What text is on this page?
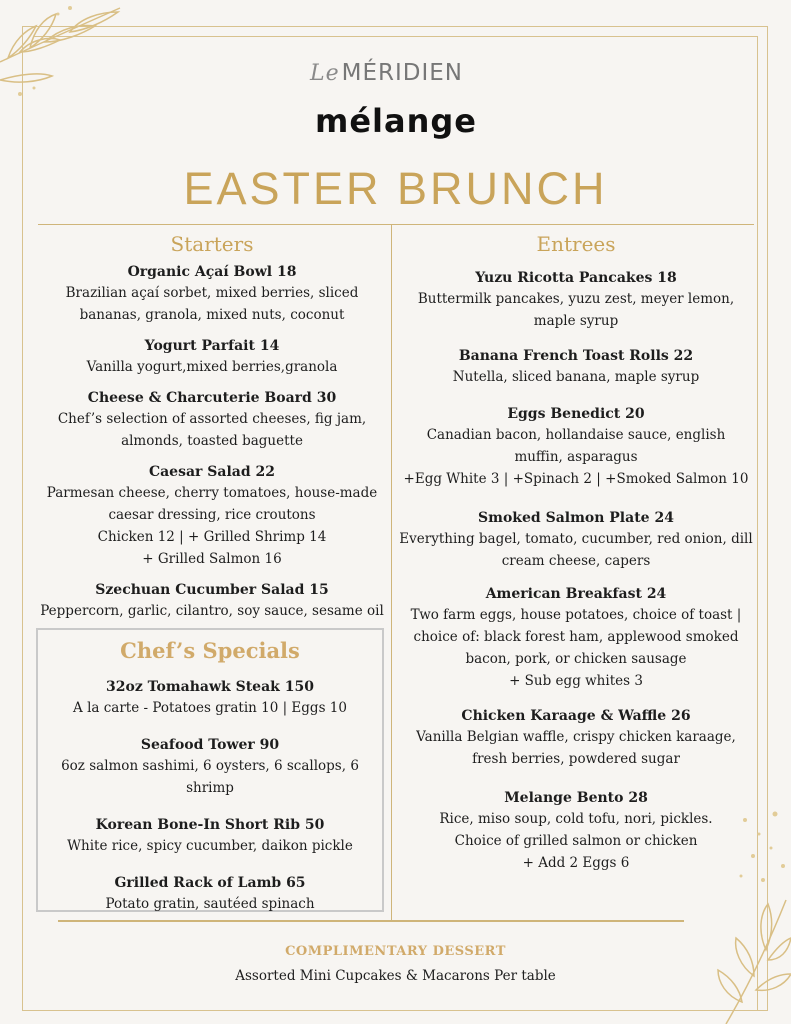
LeMÉRIDIEN
mélange
EASTER BRUNCH
Starters
Organic Açaí Bowl 18
Brazilian açaí sorbet, mixed berries, sliced
bananas, granola, mixed nuts, coconut
Yogurt Parfait 14
Vanilla yogurt,mixed berries,granola
Cheese & Charcuterie Board 30
Chef’s selection of assorted cheeses, fig jam,
almonds, toasted baguette
Caesar Salad 22
Parmesan cheese, cherry tomatoes, house-made
caesar dressing, rice croutons
Chicken 12 | + Grilled Shrimp 14
+ Grilled Salmon 16
Szechuan Cucumber Salad 15
Peppercorn, garlic, cilantro, soy sauce, sesame oil
Chef’s Specials
32oz Tomahawk Steak 150
A la carte - Potatoes gratin 10 | Eggs 10
Seafood Tower 90
6oz salmon sashimi, 6 oysters, 6 scallops, 6 shrimp
Korean Bone-In Short Rib 50
White rice, spicy cucumber, daikon pickle
Grilled Rack of Lamb 65
Potato gratin, sautéed spinach
Entrees
Yuzu Ricotta Pancakes 18
Buttermilk pancakes, yuzu zest, meyer lemon,
maple syrup
Banana French Toast Rolls 22
Nutella, sliced banana, maple syrup
Eggs Benedict 20
Canadian bacon, hollandaise sauce, english
muffin, asparagus
+Egg White 3 | +Spinach 2 | +Smoked Salmon 10
Smoked Salmon Plate 24
Everything bagel, tomato, cucumber, red onion, dill
cream cheese, capers
American Breakfast 24
Two farm eggs, house potatoes, choice of toast |
choice of: black forest ham, applewood smoked
bacon, pork, or chicken sausage
+ Sub egg whites 3
Chicken Karaage & Waffle 26
Vanilla Belgian waffle, crispy chicken karaage,
fresh berries, powdered sugar
Melange Bento 28
Rice, miso soup, cold tofu, nori, pickles.
Choice of grilled salmon or chicken
+ Add 2 Eggs 6
COMPLIMENTARY DESSERT
Assorted Mini Cupcakes & Macarons Per table
